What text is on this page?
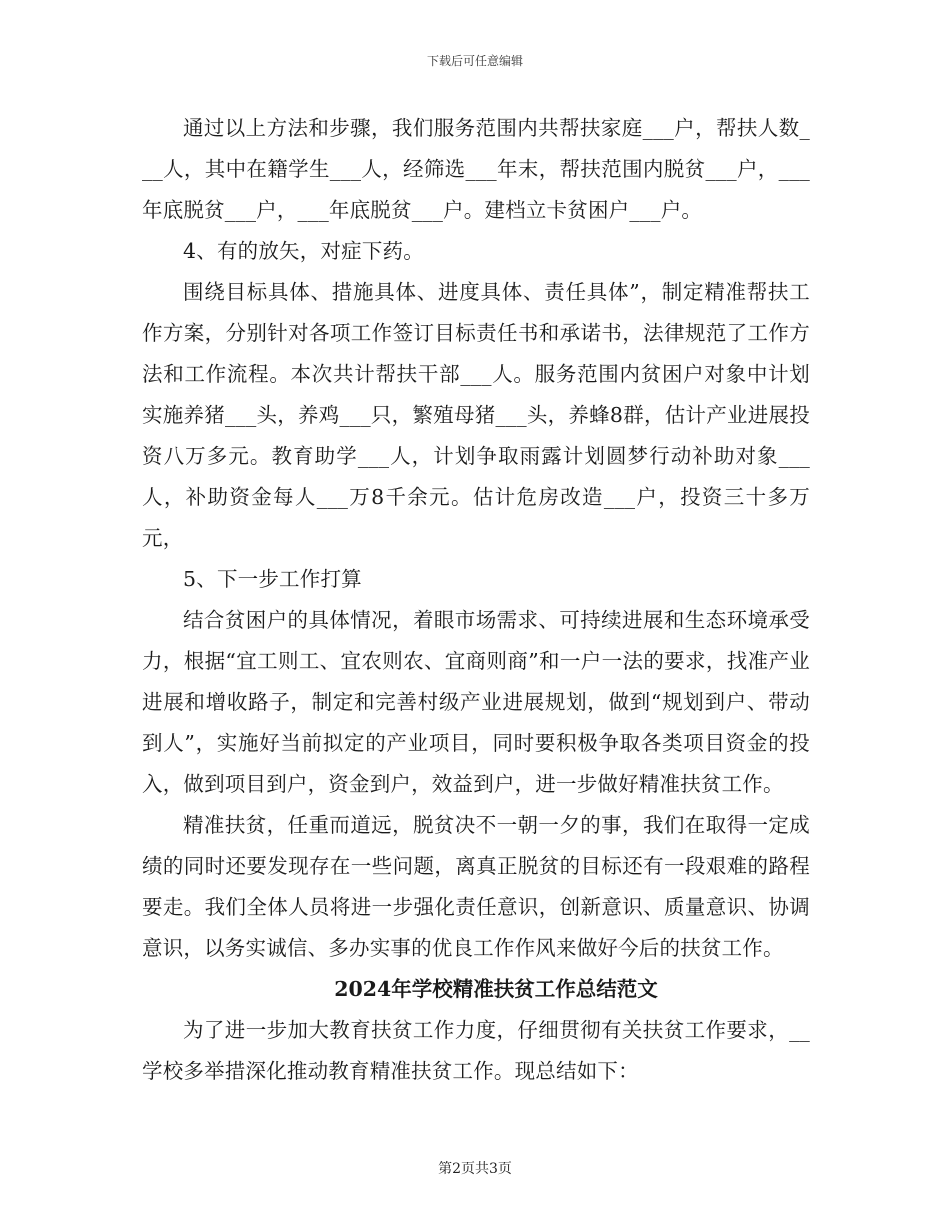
下载后可任意编辑

通过以上方法和步骤，我们服务范围内共帮扶家庭___户，帮扶人数___人，其中在籍学生___人，经筛选___年末，帮扶范围内脱贫___户，___年底脱贫___户，___年底脱贫___户。建档立卡贫困户___户。

4、有的放矢，对症下药。

围绕目标具体、措施具体、进度具体、责任具体”，制定精准帮扶工作方案，分别针对各项工作签订目标责任书和承诺书，法律规范了工作方法和工作流程。本次共计帮扶干部___人。服务范围内贫困户对象中计划实施养猪___头，养鸡___只，繁殖母猪___头，养蜂8群，估计产业进展投资八万多元。教育助学___人，计划争取雨露计划圆梦行动补助对象___人，补助资金每人___万8千余元。估计危房改造___户，投资三十多万元，

5、下一步工作打算

结合贫困户的具体情况，着眼市场需求、可持续进展和生态环境承受力，根据“宜工则工、宜农则农、宜商则商”和一户一法的要求，找准产业进展和增收路子，制定和完善村级产业进展规划，做到“规划到户、带动到人”，实施好当前拟定的产业项目，同时要积极争取各类项目资金的投入，做到项目到户，资金到户，效益到户，进一步做好精准扶贫工作。

精准扶贫，任重而道远，脱贫决不一朝一夕的事，我们在取得一定成绩的同时还要发现存在一些问题，离真正脱贫的目标还有一段艰难的路程要走。我们全体人员将进一步强化责任意识，创新意识、质量意识、协调意识，以务实诚信、多办实事的优良工作作风来做好今后的扶贫工作。

2024年学校精准扶贫工作总结范文

为了进一步加大教育扶贫工作力度，仔细贯彻有关扶贫工作要求，__学校多举措深化推动教育精准扶贫工作。现总结如下：

第2页共3页
